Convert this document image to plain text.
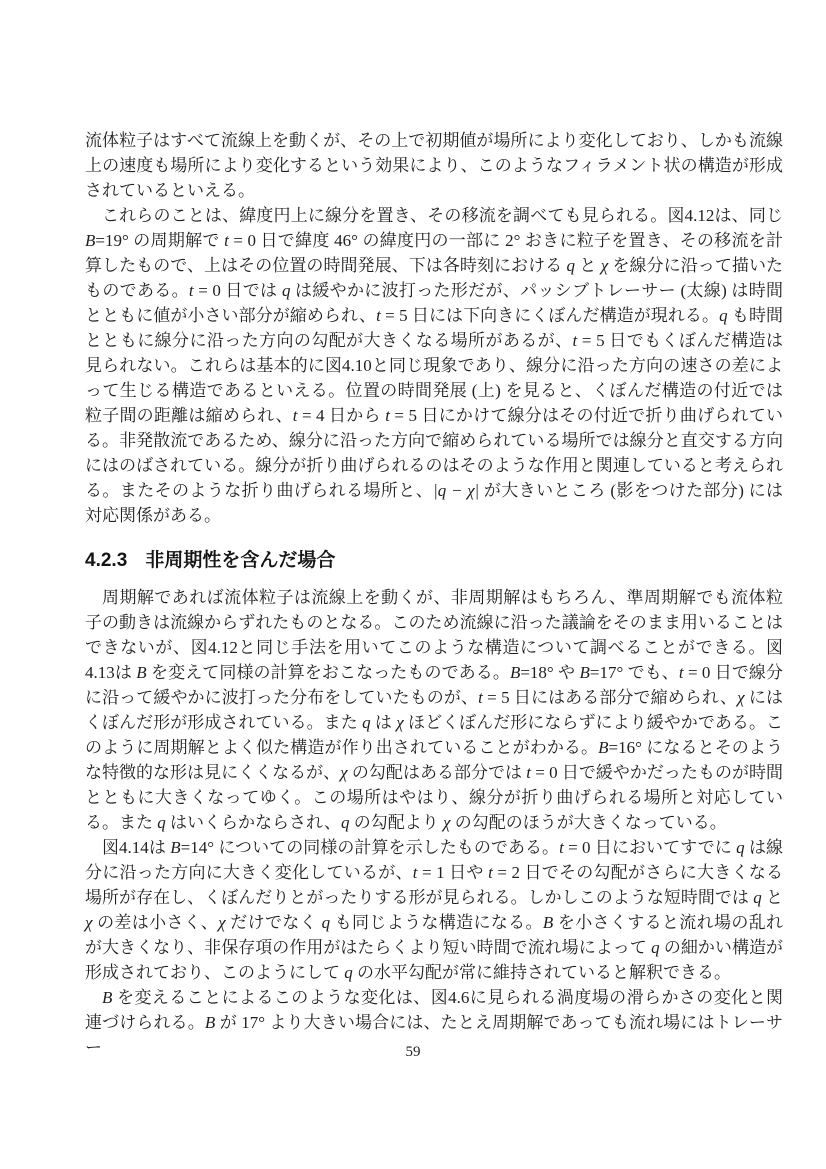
流体粒子はすべて流線上を動くが、その上で初期値が場所により変化しており、しかも流線上の速度も場所により変化するという効果により、このようなフィラメント状の構造が形成されているといえる。

これらのことは、緯度円上に線分を置き、その移流を調べても見られる。図4.12は、同じB=19° の周期解で t = 0 日で緯度 46° の緯度円の一部に 2° おきに粒子を置き、その移流を計算したもので、上はその位置の時間発展、下は各時刻における q と χ を線分に沿って描いたものである。t = 0 日では q は緩やかに波打った形だが、パッシブトレーサー (太線) は時間とともに値が小さい部分が縮められ、t = 5 日には下向きにくぼんだ構造が現れる。q も時間とともに線分に沿った方向の勾配が大きくなる場所があるが、t = 5 日でもくぼんだ構造は見られない。これらは基本的に図4.10と同じ現象であり、線分に沿った方向の速さの差によって生じる構造であるといえる。位置の時間発展 (上) を見ると、くぼんだ構造の付近では粒子間の距離は縮められ、t = 4 日から t = 5 日にかけて線分はその付近で折り曲げられている。非発散流であるため、線分に沿った方向で縮められている場所では線分と直交する方向にはのばされている。線分が折り曲げられるのはそのような作用と関連していると考えられる。またそのような折り曲げられる場所と、|q − χ| が大きいところ (影をつけた部分) には対応関係がある。

4.2.3 非周期性を含んだ場合

周期解であれば流体粒子は流線上を動くが、非周期解はもちろん、準周期解でも流体粒子の動きは流線からずれたものとなる。このため流線に沿った議論をそのまま用いることはできないが、図4.12と同じ手法を用いてこのような構造について調べることができる。図4.13は B を変えて同様の計算をおこなったものである。B=18° や B=17° でも、t = 0 日で線分に沿って緩やかに波打った分布をしていたものが、t = 5 日にはある部分で縮められ、χ にはくぼんだ形が形成されている。また q は χ ほどくぼんだ形にならずにより緩やかである。このように周期解とよく似た構造が作り出されていることがわかる。B=16° になるとそのような特徴的な形は見にくくなるが、χ の勾配はある部分では t = 0 日で緩やかだったものが時間とともに大きくなってゆく。この場所はやはり、線分が折り曲げられる場所と対応している。また q はいくらかならされ、q の勾配より χ の勾配のほうが大きくなっている。

図4.14は B=14° についての同様の計算を示したものである。t = 0 日においてすでに q は線分に沿った方向に大きく変化しているが、t = 1 日や t = 2 日でその勾配がさらに大きくなる場所が存在し、くぼんだりとがったりする形が見られる。しかしこのような短時間では q と χ の差は小さく、χ だけでなく q も同じような構造になる。B を小さくすると流れ場の乱れが大きくなり、非保存項の作用がはたらくより短い時間で流れ場によって q の細かい構造が形成されており、このようにして q の水平勾配が常に維持されていると解釈できる。

B を変えることによるこのような変化は、図4.6に見られる渦度場の滑らかさの変化と関連づけられる。B が 17° より大きい場合には、たとえ周期解であっても流れ場にはトレーサー	59
